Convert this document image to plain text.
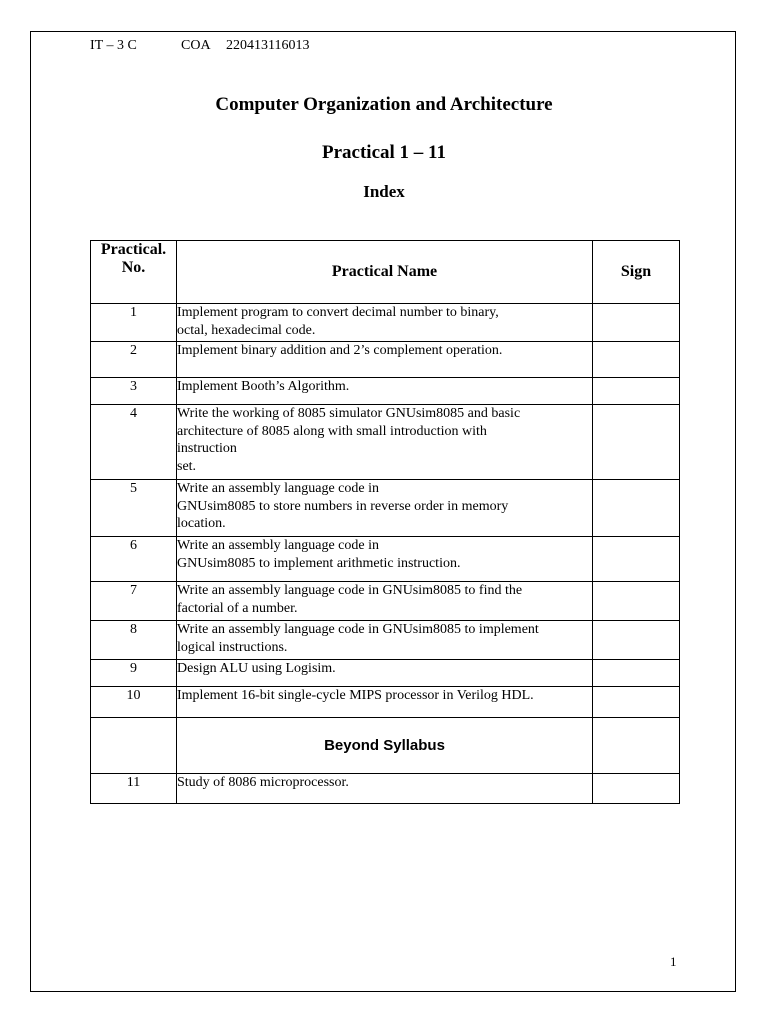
IT – 3 C	COA 220413116013
Computer Organization and Architecture
Practical 1 – 11
Index
Practical.
No.	Practical Name	Sign
1	Implement program to convert decimal number to binary,
octal, hexadecimal code.	

2	Implement binary addition and 2’s complement operation.	

3	Implement Booth’s Algorithm.	

4	Write the working of 8085 simulator GNUsim8085 and basic
architecture of 8085 along with small introduction with
instruction
set.	

5	Write an assembly language code in
GNUsim8085 to store numbers in reverse order in memory
location.	

6	Write an assembly language code in
GNUsim8085 to implement arithmetic instruction.	

7	Write an assembly language code in GNUsim8085 to find the
factorial of a number.	

8	Write an assembly language code in GNUsim8085 to implement
logical instructions.	

9	Design ALU using Logisim.	

10	Implement 16-bit single-cycle MIPS processor in Verilog HDL.	

	Beyond Syllabus	
11	Study of 8086 microprocessor.	

1
